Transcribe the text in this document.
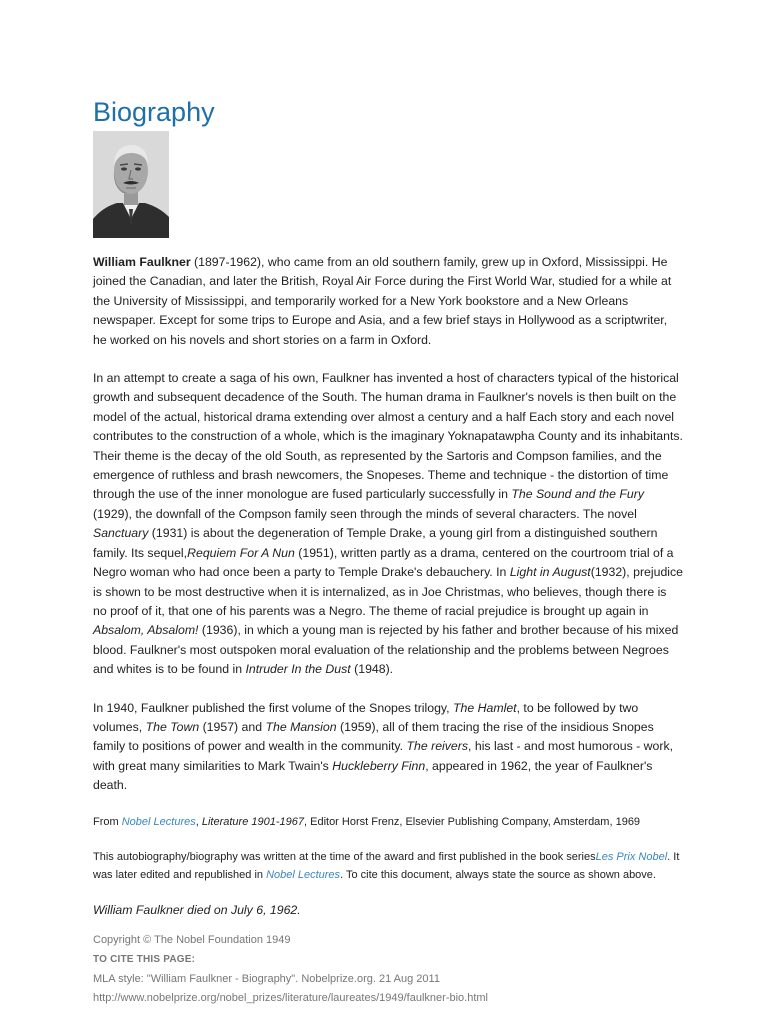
Biography

William Faulkner (1897-1962), who came from an old southern family, grew up in Oxford, Mississippi. He joined the Canadian, and later the British, Royal Air Force during the First World War, studied for a while at the University of Mississippi, and temporarily worked for a New York bookstore and a New Orleans newspaper. Except for some trips to Europe and Asia, and a few brief stays in Hollywood as a scriptwriter, he worked on his novels and short stories on a farm in Oxford.

In an attempt to create a saga of his own, Faulkner has invented a host of characters typical of the historical growth and subsequent decadence of the South. The human drama in Faulkner's novels is then built on the model of the actual, historical drama extending over almost a century and a half Each story and each novel contributes to the construction of a whole, which is the imaginary Yoknapatawpha County and its inhabitants. Their theme is the decay of the old South, as represented by the Sartoris and Compson families, and the emergence of ruthless and brash newcomers, the Snopeses. Theme and technique - the distortion of time through the use of the inner monologue are fused particularly successfully in The Sound and the Fury (1929), the downfall of the Compson family seen through the minds of several characters. The novel Sanctuary (1931) is about the degeneration of Temple Drake, a young girl from a distinguished southern family. Its sequel,Requiem For A Nun (1951), written partly as a drama, centered on the courtroom trial of a Negro woman who had once been a party to Temple Drake's debauchery. In Light in August(1932), prejudice is shown to be most destructive when it is internalized, as in Joe Christmas, who believes, though there is no proof of it, that one of his parents was a Negro. The theme of racial prejudice is brought up again in Absalom, Absalom! (1936), in which a young man is rejected by his father and brother because of his mixed blood. Faulkner's most outspoken moral evaluation of the relationship and the problems between Negroes and whites is to be found in Intruder In the Dust (1948).

In 1940, Faulkner published the first volume of the Snopes trilogy, The Hamlet, to be followed by two volumes, The Town (1957) and The Mansion (1959), all of them tracing the rise of the insidious Snopes family to positions of power and wealth in the community. The reivers, his last - and most humorous - work, with great many similarities to Mark Twain's Huckleberry Finn, appeared in 1962, the year of Faulkner's death.

From Nobel Lectures, Literature 1901-1967, Editor Horst Frenz, Elsevier Publishing Company, Amsterdam, 1969

This autobiography/biography was written at the time of the award and first published in the book seriesLes Prix Nobel. It was later edited and republished in Nobel Lectures. To cite this document, always state the source as shown above.

William Faulkner died on July 6, 1962.

Copyright © The Nobel Foundation 1949
TO CITE THIS PAGE:
MLA style: "William Faulkner - Biography". Nobelprize.org. 21 Aug 2011
http://www.nobelprize.org/nobel_prizes/literature/laureates/1949/faulkner-bio.html
